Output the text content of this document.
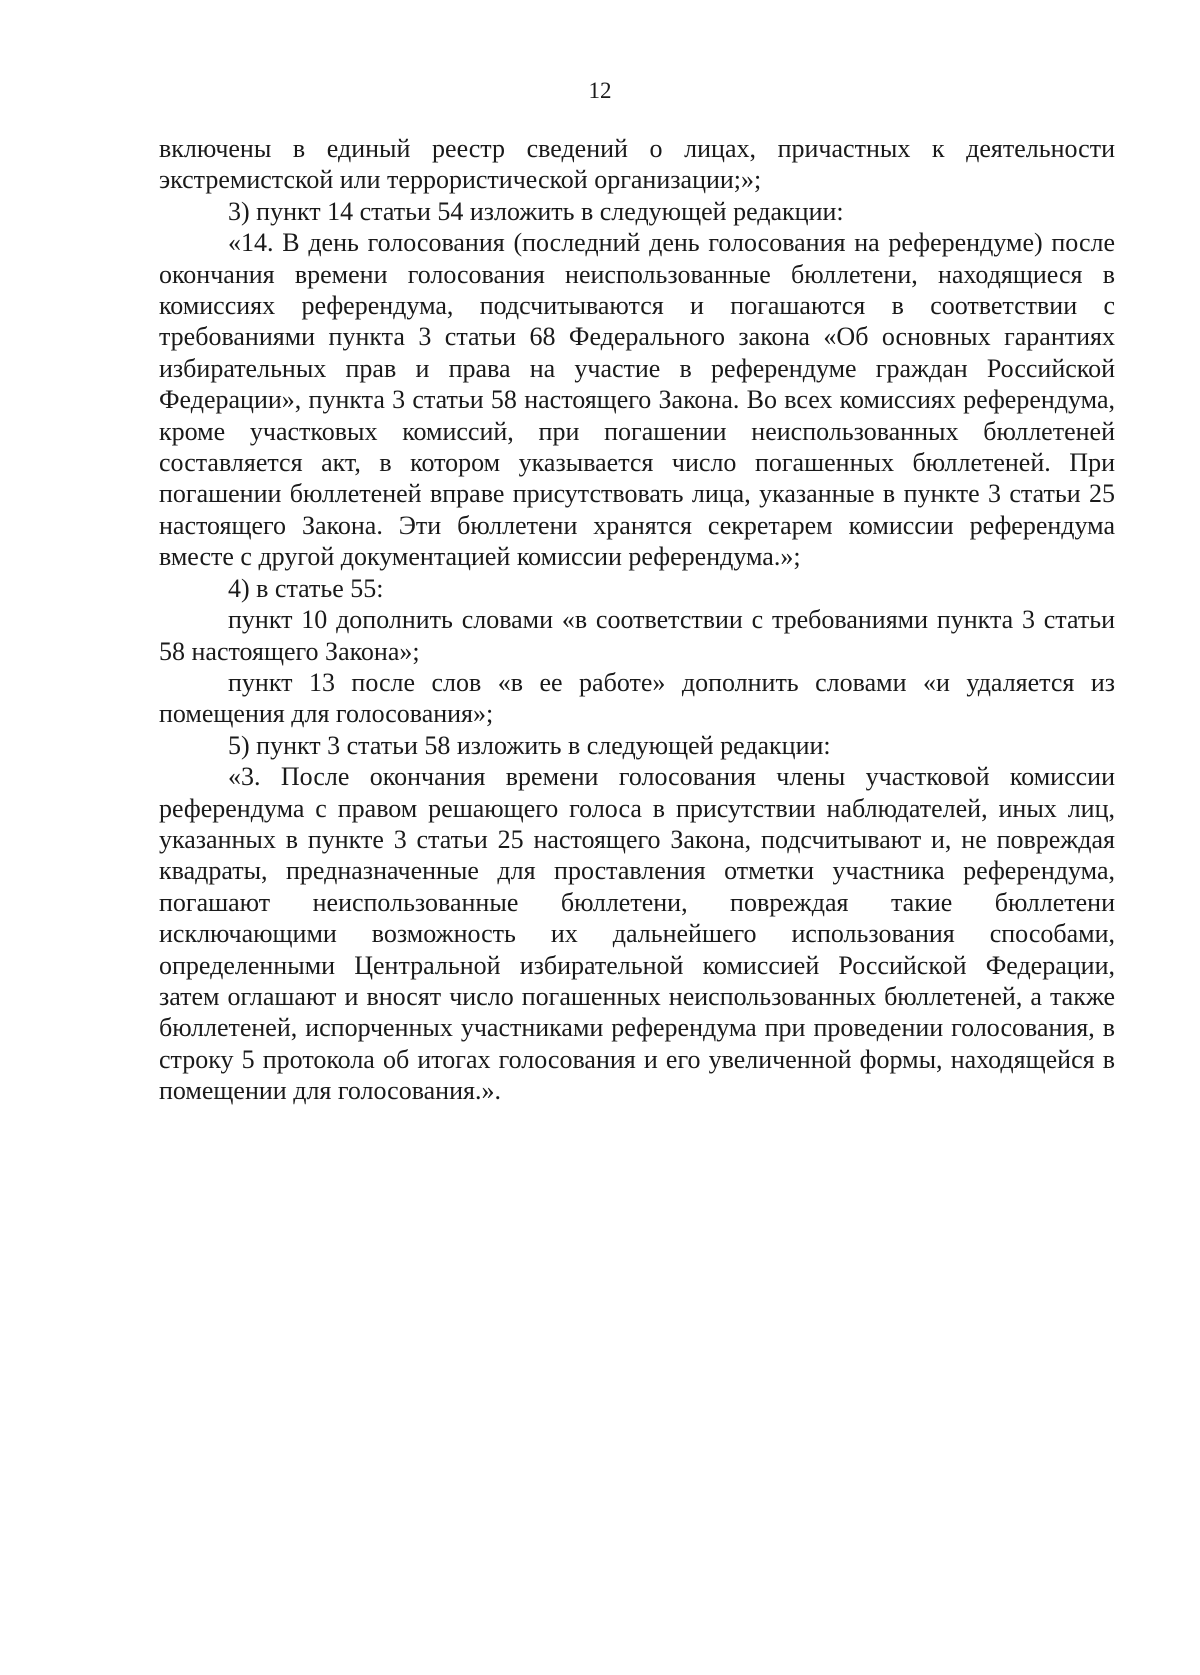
12

включены в единый реестр сведений о лицах, причастных к деятельности экстремистской или террористической организации;»;

3) пункт 14 статьи 54 изложить в следующей редакции:

«14. В день голосования (последний день голосования на референдуме) после окончания времени голосования неиспользованные бюллетени, находящиеся в комиссиях референдума, подсчитываются и погашаются в соответствии с требованиями пункта 3 статьи 68 Федерального закона «Об основных гарантиях избирательных прав и права на участие в референдуме граждан Российской Федерации», пункта 3 статьи 58 настоящего Закона. Во всех комиссиях референдума, кроме участковых комиссий, при погашении неиспользованных бюллетеней составляется акт, в котором указывается число погашенных бюллетеней. При погашении бюллетеней вправе присутствовать лица, указанные в пункте 3 статьи 25 настоящего Закона. Эти бюллетени хранятся секретарем комиссии референдума вместе с другой документацией комиссии референдума.»;

4) в статье 55:

пункт 10 дополнить словами «в соответствии с требованиями пункта 3 статьи 58 настоящего Закона»;

пункт 13 после слов «в ее работе» дополнить словами «и удаляется из помещения для голосования»;

5) пункт 3 статьи 58 изложить в следующей редакции:

«3. После окончания времени голосования члены участковой комиссии референдума с правом решающего голоса в присутствии наблюдателей, иных лиц, указанных в пункте 3 статьи 25 настоящего Закона, подсчитывают и, не повреждая квадраты, предназначенные для проставления отметки участника референдума, погашают неиспользованные бюллетени, повреждая такие бюллетени исключающими возможность их дальнейшего использования способами, определенными Центральной избирательной комиссией Российской Федерации, затем оглашают и вносят число погашенных неиспользованных бюллетеней, а также бюллетеней, испорченных участниками референдума при проведении голосования, в строку 5 протокола об итогах голосования и его увеличенной формы, находящейся в помещении для голосования.».
